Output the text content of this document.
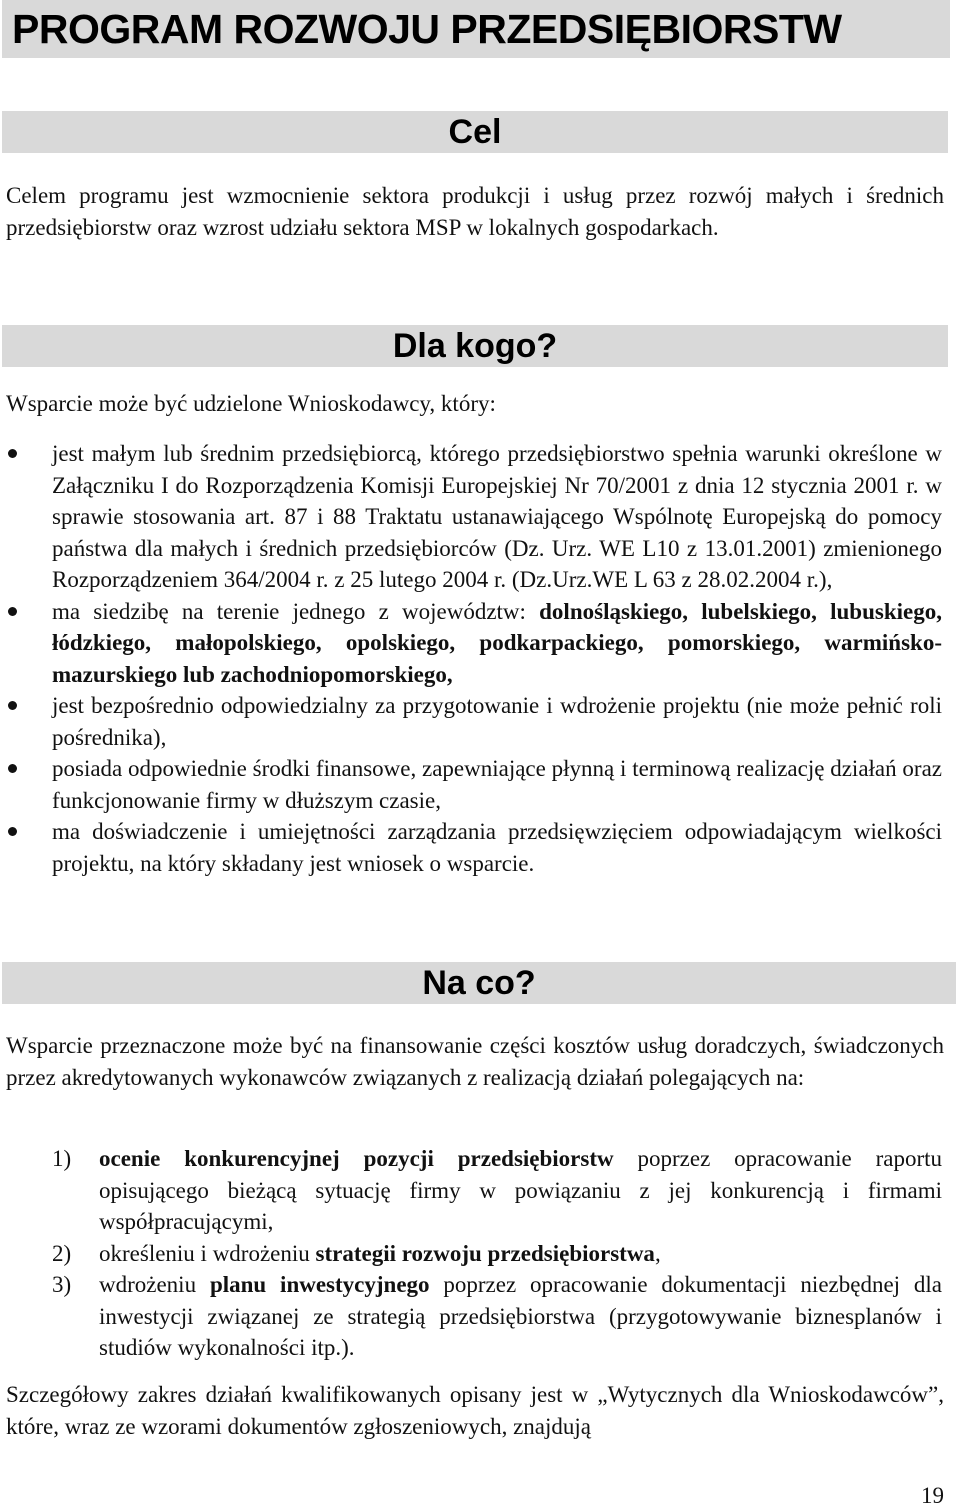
PROGRAM ROZWOJU PRZEDSIĘBIORSTW
Cel

Celem programu jest wzmocnienie sektora produkcji i usług przez rozwój małych i średnich przedsiębiorstw oraz wzrost udziału sektora MSP w lokalnych gospodarkach.

Dla kogo?

Wsparcie może być udzielone Wnioskodawcy, który:

jest małym lub średnim przedsiębiorcą, którego przedsiębiorstwo spełnia warunki określone w Załączniku I do Rozporządzenia Komisji Europejskiej Nr 70/2001 z dnia 12 stycznia 2001 r. w sprawie stosowania art. 87 i 88 Traktatu ustanawiającego Wspólnotę Europejską do pomocy państwa dla małych i średnich przedsiębiorców (Dz. Urz. WE L10 z 13.01.2001) zmienionego Rozporządzeniem 364/2004 r. z 25 lutego 2004 r. (Dz.Urz.WE L 63 z 28.02.2004 r.),
ma siedzibę na terenie jednego z województw: dolnośląskiego, lubelskiego, lubuskiego, łódzkiego, małopolskiego, opolskiego, podkarpackiego, pomorskiego, warmińsko-mazurskiego lub zachodniopomorskiego,
jest bezpośrednio odpowiedzialny za przygotowanie i wdrożenie projektu (nie może pełnić roli pośrednika),
posiada odpowiednie środki finansowe, zapewniające płynną i terminową realizację działań oraz funkcjonowanie firmy w dłuższym czasie,
ma doświadczenie i umiejętności zarządzania przedsięwzięciem odpowiadającym wielkości projektu, na który składany jest wniosek o wsparcie.
Na co?

Wsparcie przeznaczone może być na finansowanie części kosztów usług doradczych, świadczonych przez akredytowanych wykonawców związanych z realizacją działań polegających na:

1) ocenie konkurencyjnej pozycji przedsiębiorstw poprzez opracowanie raportu opisującego bieżącą sytuację firmy w powiązaniu z jej konkurencją i firmami współpracującymi,
2) określeniu i wdrożeniu strategii rozwoju przedsiębiorstwa,
3) wdrożeniu planu inwestycyjnego poprzez opracowanie dokumentacji niezbędnej dla inwestycji związanej ze strategią przedsiębiorstwa (przygotowywanie biznesplanów i studiów wykonalności itp.).

Szczegółowy zakres działań kwalifikowanych opisany jest w „Wytycznych dla Wnioskodawców”, które, wraz ze wzorami dokumentów zgłoszeniowych, znajdują

19
